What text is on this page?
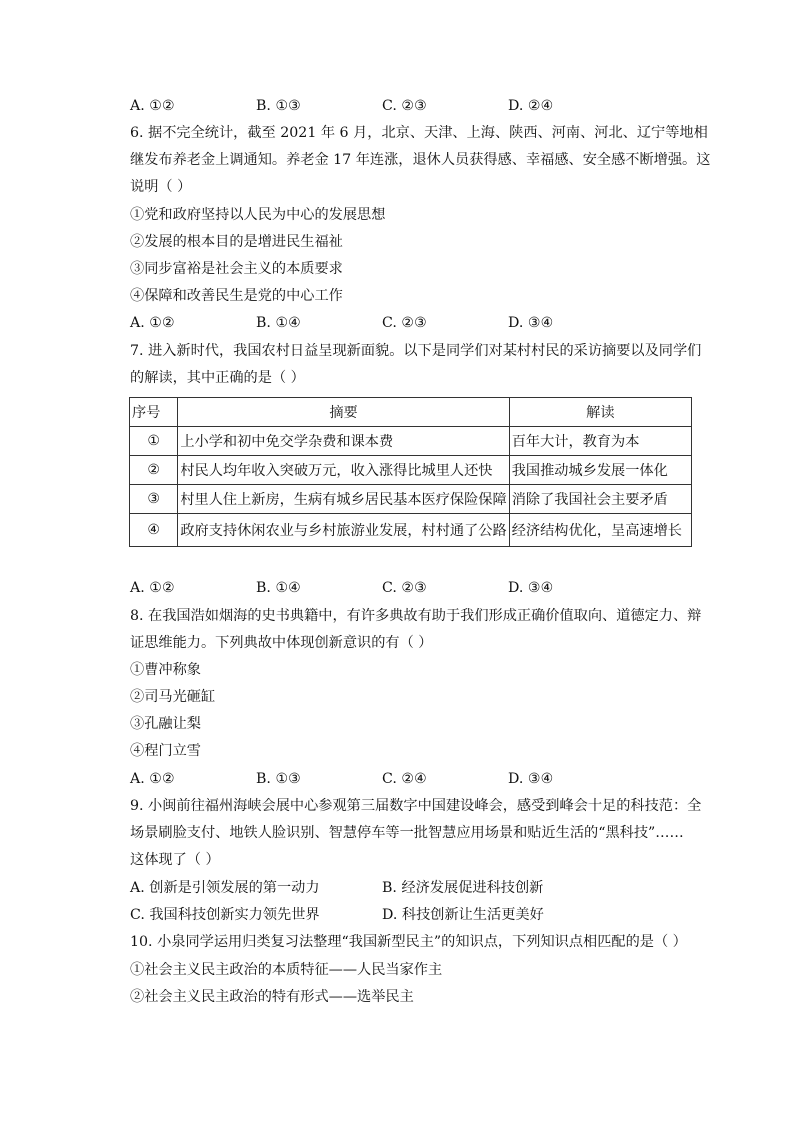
A. ①②	B. ①③	C. ②③	D. ②④
6. 据不完全统计，截至 2021 年 6 月，北京、天津、上海、陕西、河南、河北、辽宁等地相
继发布养老金上调通知。养老金 17 年连涨，退休人员获得感、幸福感、安全感不断增强。这
说明（ ）
①党和政府坚持以人民为中心的发展思想
②发展的根本目的是增进民生福祉
③同步富裕是社会主义的本质要求
④保障和改善民生是党的中心工作
A. ①②	B. ①④	C. ②③	D. ③④
7. 进入新时代，我国农村日益呈现新面貌。以下是同学们对某村村民的采访摘要以及同学们
的解读，其中正确的是（ ）
序号	摘要	解读
①	上小学和初中免交学杂费和课本费	百年大计，教育为本
②	村民人均年收入突破万元，收入涨得比城里人还快	我国推动城乡发展一体化
③	村里人住上新房，生病有城乡居民基本医疗保险保障	消除了我国社会主要矛盾
④	政府支持休闲农业与乡村旅游业发展，村村通了公路	经济结构优化，呈高速增长
A. ①②	B. ①④	C. ②③	D. ③④
8. 在我国浩如烟海的史书典籍中，有许多典故有助于我们形成正确价值取向、道德定力、辩
证思维能力。下列典故中体现创新意识的有（ ）
①曹冲称象
②司马光砸缸
③孔融让梨
④程门立雪
A. ①②	B. ①③	C. ②④	D. ③④
9. 小闽前往福州海峡会展中心参观第三届数字中国建设峰会，感受到峰会十足的科技范：全
场景刷脸支付、地铁人脸识别、智慧停车等一批智慧应用场景和贴近生活的“黑科技”……
这体现了（ ）
A. 创新是引领发展的第一动力	B. 经济发展促进科技创新
C. 我国科技创新实力领先世界	D. 科技创新让生活更美好
10. 小泉同学运用归类复习法整理“我国新型民主”的知识点，下列知识点相匹配的是（ ）
①社会主义民主政治的本质特征——人民当家作主
②社会主义民主政治的特有形式——选举民主
